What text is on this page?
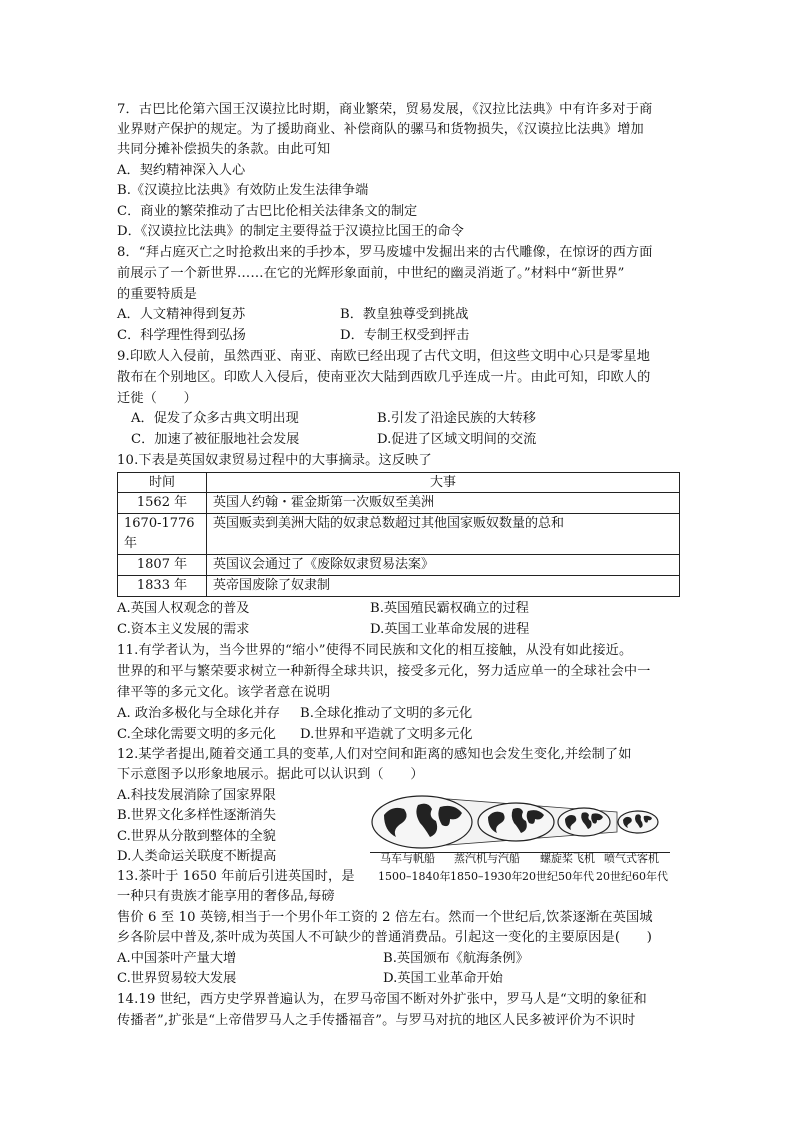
7．古巴比伦第六国王汉谟拉比时期，商业繁荣，贸易发展，《汉拉比法典》中有许多对于商
业界财产保护的规定。为了援助商业、补偿商队的骡马和货物损失，《汉谟拉比法典》增加
共同分摊补偿损失的条款。由此可知
A．契约精神深入人心
B.《汉谟拉比法典》有效防止发生法律争端
C．商业的繁荣推动了古巴比伦相关法律条文的制定
D．《汉谟拉比法典》的制定主要得益于汉谟拉比国王的命令
8．“拜占庭灭亡之时抢救出来的手抄本，罗马废墟中发掘出来的古代雕像，在惊讶的西方面
前展示了一个新世界……在它的光辉形象面前，中世纪的幽灵消逝了。”材料中“新世界”
的重要特质是
A．人文精神得到复苏	B．教皇独尊受到挑战
C．科学理性得到弘扬	D．专制王权受到抨击
9.印欧人入侵前，虽然西亚、南亚、南欧已经出现了古代文明，但这些文明中心只是零星地
散布在个别地区。印欧人入侵后，使南亚次大陆到西欧几乎连成一片。由此可知，印欧人的
迁徙（　　）
A．促发了众多古典文明出现	B.引发了沿途民族的大转移
C．加速了被征服地社会发展	D.促进了区域文明间的交流
10.下表是英国奴隶贸易过程中的大事摘录。这反映了
时间	大事
1562 年	英国人约翰・霍金斯第一次贩奴至美洲
1670-1776 年	英国贩卖到美洲大陆的奴隶总数超过其他国家贩奴数量的总和
1807 年	英国议会通过了《废除奴隶贸易法案》
1833 年	英帝国废除了奴隶制
A.英国人权观念的普及	B.英国殖民霸权确立的过程
C.资本主义发展的需求	D.英国工业革命发展的进程
11.有学者认为，当今世界的“缩小”使得不同民族和文化的相互接触，从没有如此接近。
世界的和平与繁荣要求树立一种新得全球共识，接受多元化，努力适应单一的全球社会中一
律平等的多元文化。该学者意在说明
A. 政治多极化与全球化并存 B.全球化推动了文明的多元化
C.全球化需要文明的多元化 D.世界和平造就了文明多元化
12.某学者提出,随着交通工具的变革,人们对空间和距离的感知也会发生变化,并绘制了如
下示意图予以形象地展示。据此可以认识到（　　）
A.科技发展消除了国家界限
B.世界文化多样性逐渐消失
C.世界从分散到整体的全貌
D.人类命运关联度不断提高	马车与帆船 蒸汽机与汽船 螺旋桨飞机 喷气式客机
1500–1840年 1850–1930年 20世纪50年代 20世纪60年代
13.茶叶于 1650 年前后引进英国时，是
一种只有贵族才能享用的奢侈品,每磅
售价 6 至 10 英镑,相当于一个男仆年工资的 2 倍左右。然而一个世纪后,饮茶逐渐在英国城
乡各阶层中普及,茶叶成为英国人不可缺少的普通消费品。引起这一变化的主要原因是(　　)
A.中国茶叶产量大增	B.英国颁布《航海条例》
C.世界贸易较大发展	D.英国工业革命开始
14.19 世纪，西方史学界普遍认为，在罗马帝国不断对外扩张中，罗马人是“文明的象征和
传播者”,扩张是“上帝借罗马人之手传播福音”。与罗马对抗的地区人民多被评价为不识时
